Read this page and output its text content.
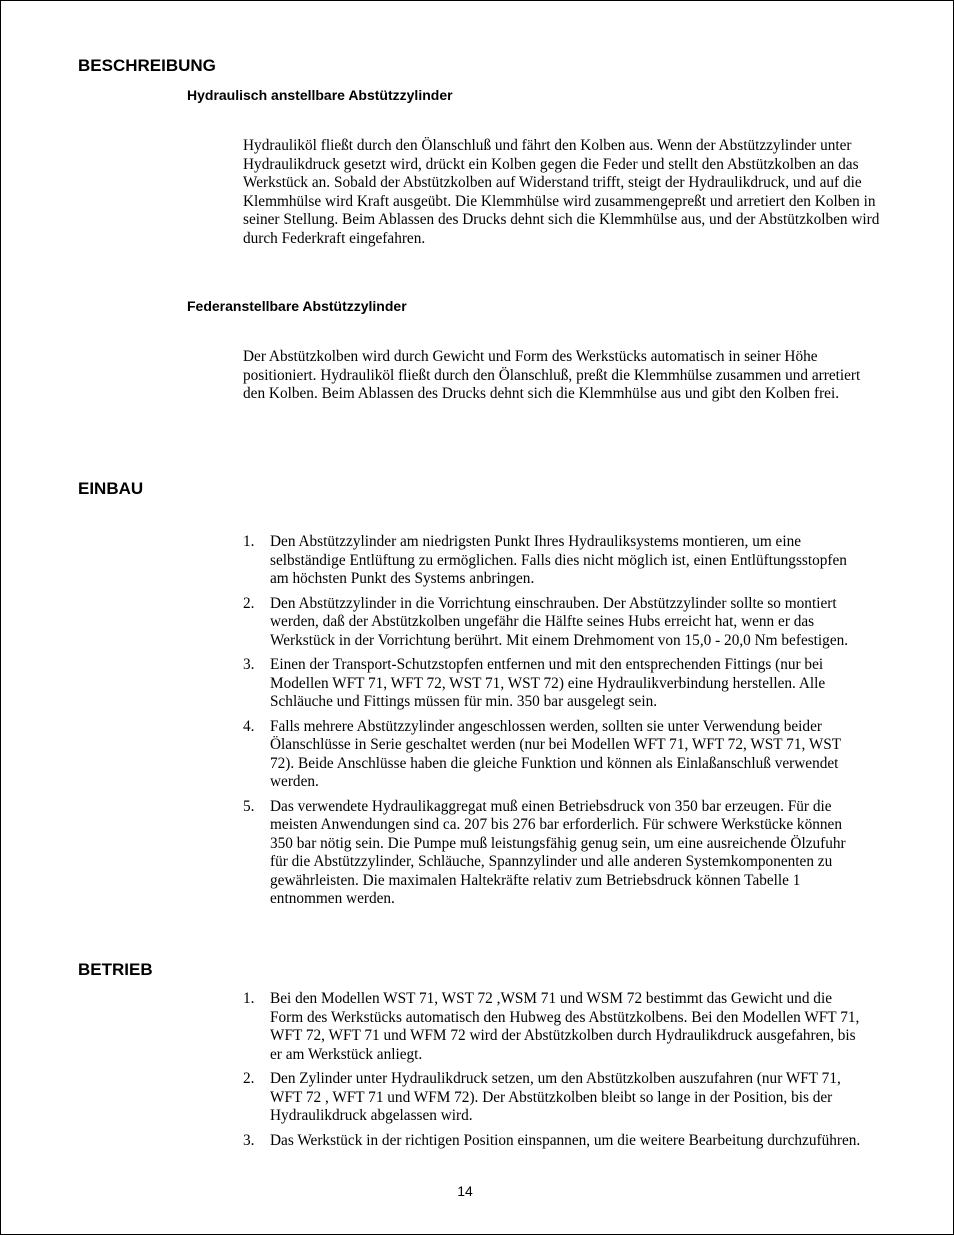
BESCHREIBUNG
Hydraulisch anstellbare Abstützzylinder

Hydrauliköl fließt durch den Ölanschluß und fährt den Kolben aus. Wenn der Abstützzylinder unter Hydraulikdruck gesetzt wird, drückt ein Kolben gegen die Feder und stellt den Abstützkolben an das Werkstück an. Sobald der Abstützkolben auf Widerstand trifft, steigt der Hydraulikdruck, und auf die Klemmhülse wird Kraft ausgeübt. Die Klemmhülse wird zusammengepreßt und arretiert den Kolben in seiner Stellung. Beim Ablassen des Drucks dehnt sich die Klemmhülse aus, und der Abstützkolben wird durch Federkraft eingefahren.

Federanstellbare Abstützzylinder

Der Abstützkolben wird durch Gewicht und Form des Werkstücks automatisch in seiner Höhe positioniert. Hydrauliköl fließt durch den Ölanschluß, preßt die Klemmhülse zusammen und arretiert den Kolben. Beim Ablassen des Drucks dehnt sich die Klemmhülse aus und gibt den Kolben frei.

EINBAU
1. Den Abstützzylinder am niedrigsten Punkt Ihres Hydrauliksystems montieren, um eine selbständige Entlüftung zu ermöglichen. Falls dies nicht möglich ist, einen Entlüftungsstopfen am höchsten Punkt des Systems anbringen.
2. Den Abstützzylinder in die Vorrichtung einschrauben. Der Abstützzylinder sollte so montiert werden, daß der Abstützkolben ungefähr die Hälfte seines Hubs erreicht hat, wenn er das Werkstück in der Vorrichtung berührt. Mit einem Drehmoment von 15,0 - 20,0 Nm befestigen.
3. Einen der Transport-Schutzstopfen entfernen und mit den entsprechenden Fittings (nur bei Modellen WFT 71, WFT 72, WST 71, WST 72) eine Hydraulikverbindung herstellen. Alle Schläuche und Fittings müssen für min. 350 bar ausgelegt sein.
4. Falls mehrere Abstützzylinder angeschlossen werden, sollten sie unter Verwendung beider Ölanschlüsse in Serie geschaltet werden (nur bei Modellen WFT 71, WFT 72, WST 71, WST 72). Beide Anschlüsse haben die gleiche Funktion und können als Einlaßanschluß verwendet werden.
5. Das verwendete Hydraulikaggregat muß einen Betriebsdruck von 350 bar erzeugen. Für die meisten Anwendungen sind ca. 207 bis 276 bar erforderlich. Für schwere Werkstücke können 350 bar nötig sein. Die Pumpe muß leistungsfähig genug sein, um eine ausreichende Ölzufuhr für die Abstützzylinder, Schläuche, Spannzylinder und alle anderen Systemkomponenten zu gewährleisten. Die maximalen Haltekräfte relativ zum Betriebsdruck können Tabelle 1 entnommen werden.
BETRIEB
1. Bei den Modellen WST 71, WST 72 ,WSM 71 und WSM 72 bestimmt das Gewicht und die Form des Werkstücks automatisch den Hubweg des Abstützkolbens. Bei den Modellen WFT 71, WFT 72, WFT 71 und WFM 72 wird der Abstützkolben durch Hydraulikdruck ausgefahren, bis er am Werkstück anliegt.
2. Den Zylinder unter Hydraulikdruck setzen, um den Abstützkolben auszufahren (nur WFT 71, WFT 72 , WFT 71 und WFM 72). Der Abstützkolben bleibt so lange in der Position, bis der Hydraulikdruck abgelassen wird.
3. Das Werkstück in der richtigen Position einspannen, um die weitere Bearbeitung durchzuführen.
14
